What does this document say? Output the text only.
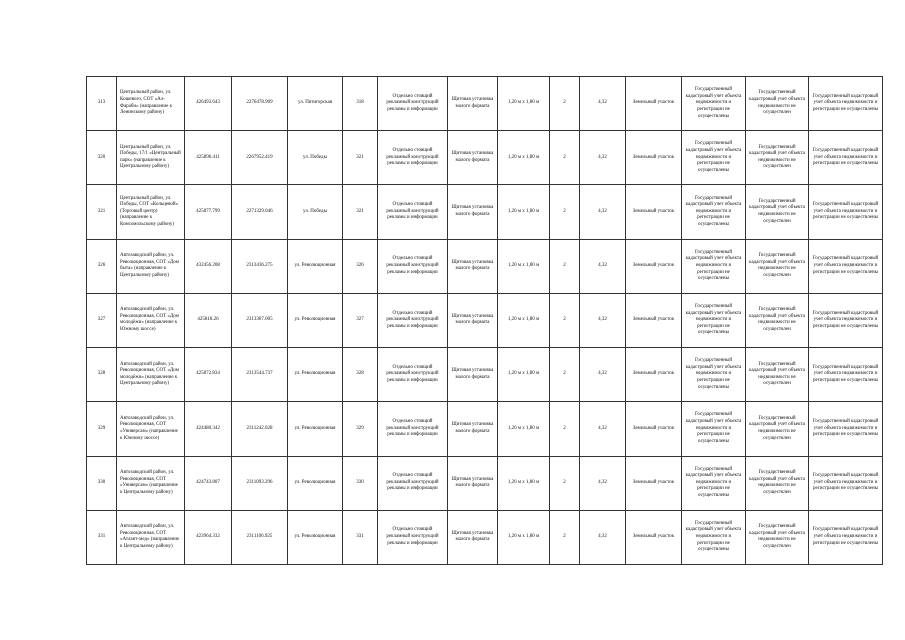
313	Центральный район, ул. Кошевого, СОТ «Ал-Фараби» (направление к Ленинскому району)	426493.643	2276478.909	ул. Пятигорская	318	Отдельно стоящий рекламный конструкций рекламы и информации	Щитовая установка малого формата	1,20 м х 1,80 м	2	4,32	Земельный участок	Государственный кадастровый учет объекта недвижимости и регистрации не осуществлены	Государственный кадастровый учет объекта недвижимости не осуществлен	Государственный кадастровый учет объекта недвижимости и регистрации не осуществлены
320	Центральный район, ул. Победы, 17/1 «Центральный парк» (направление к Центральному району)	425896.411	2267952.419	ул. Победы	321	Отдельно стоящий рекламный конструкций рекламы и информации	Щитовая установка малого формата	1,20 м х 1,80 м	2	4,32	Земельный участок	Государственный кадастровый учет объекта недвижимости и регистрации не осуществлены	Государственный кадастровый учет объекта недвижимости не осуществлен	Государственный кадастровый учет объекта недвижимости и регистрации не осуществлены
321	Центральный район, ул. Победы, СОТ «Кольцевой» (Торговый центр) (направление к Комсомольскому району)	425877.799	2271329.046	ул. Победы	321	Отдельно стоящий рекламный конструкций рекламы и информации	Щитовая установка малого формата	1,20 м х 1,80 м	2	4,32	Земельный участок	Государственный кадастровый учет объекта недвижимости и регистрации не осуществлены	Государственный кадастровый учет объекта недвижимости не осуществлен	Государственный кадастровый учет объекта недвижимости и регистрации не осуществлены
326	Автозаводский район, ул. Революционная, СОТ «Дом быта» (направление к Центральному району)	432456.208	2313436.275	ул. Революционная	326	Отдельно стоящий рекламный конструкций рекламы и информации	Щитовая установка малого формата	1,20 м х 1,80 м	2	4,32	Земельный участок	Государственный кадастровый учет объекта недвижимости и регистрации не осуществлены	Государственный кадастровый учет объекта недвижимости не осуществлен	Государственный кадастровый учет объекта недвижимости и регистрации не осуществлены
327	Автозаводский район, ул. Революционная, СОТ «Дом молодёжи» (направление к Южному шоссе)	425818.26	2313307.005	ул. Революционная	327	Отдельно стоящий рекламный конструкций рекламы и информации	Щитовая установка малого формата	1,20 м х 1,80 м	2	4,32	Земельный участок	Государственный кадастровый учет объекта недвижимости и регистрации не осуществлены	Государственный кадастровый учет объекта недвижимости не осуществлен	Государственный кадастровый учет объекта недвижимости и регистрации не осуществлены
328	Автозаводский район, ул. Революционная, СОТ «Дом молодёжи» (направление к Центральному району)	425872.834	2313544.737	ул. Революционная	328	Отдельно стоящий рекламный конструкций рекламы и информации	Щитовая установка малого формата	1,20 м х 1,80 м	2	4,32	Земельный участок	Государственный кадастровый учет объекта недвижимости и регистрации не осуществлены	Государственный кадастровый учет объекта недвижимости не осуществлен	Государственный кадастровый учет объекта недвижимости и регистрации не осуществлены
329	Автозаводский район, ул. Революционная, СОТ «Универсам» (направление к Южному шоссе)	424480.342	2311242.028	ул. Революционная	329	Отдельно стоящий рекламный конструкций рекламы и информации	Щитовая установка малого формата	1,20 м х 1,80 м	2	4,32	Земельный участок	Государственный кадастровый учет объекта недвижимости и регистрации не осуществлены	Государственный кадастровый учет объекта недвижимости не осуществлен	Государственный кадастровый учет объекта недвижимости и регистрации не осуществлены
330	Автозаводский район, ул. Революционная, СОТ «Универсам» (направление к Центральному району)	424743.807	2311093.296	ул. Революционная	330	Отдельно стоящий рекламный конструкций рекламы и информации	Щитовая установка малого формата	1,20 м х 1,80 м	2	4,32	Земельный участок	Государственный кадастровый учет объекта недвижимости и регистрации не осуществлены	Государственный кадастровый учет объекта недвижимости не осуществлен	Государственный кадастровый учет объекта недвижимости и регистрации не осуществлены
331	Автозаводский район, ул. Революционная, СОТ «Атлант-мед» (направление к Центральному району)	423964.332	2311106.925	ул. Революционная	331	Отдельно стоящий рекламный конструкций рекламы и информации	Щитовая установка малого формата	1,20 м х 1,80 м	2	4,32	Земельный участок	Государственный кадастровый учет объекта недвижимости и регистрации не осуществлены	Государственный кадастровый учет объекта недвижимости не осуществлен	Государственный кадастровый учет объекта недвижимости и регистрации не осуществлены
